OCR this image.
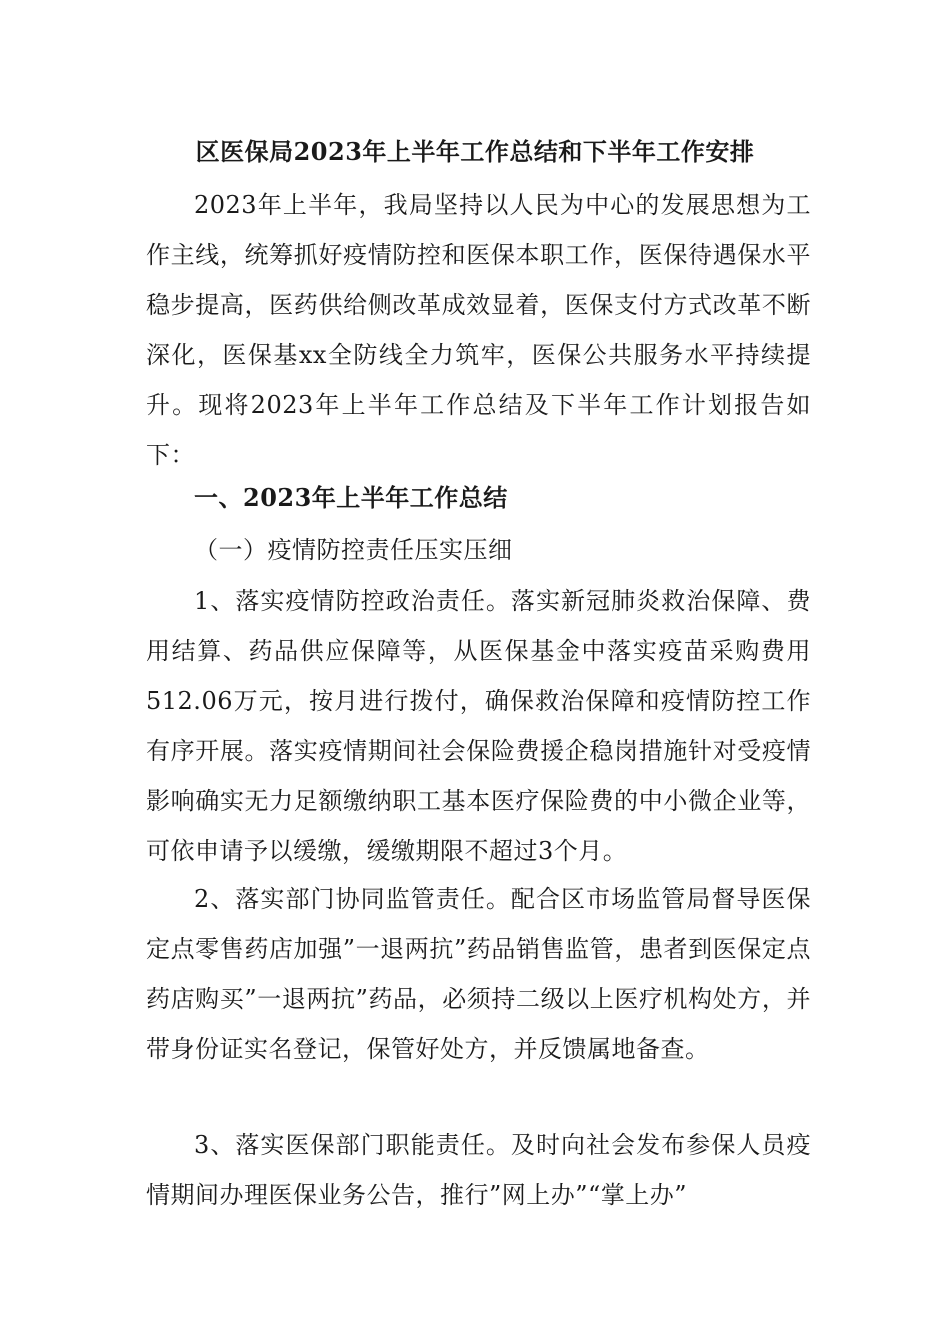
区医保局2023年上半年工作总结和下半年工作安排

2023年上半年，我局坚持以人民为中心的发展思想为工作主线，统筹抓好疫情防控和医保本职工作，医保待遇保水平稳步提高，医药供给侧改革成效显着，医保支付方式改革不断深化，医保基xx全防线全力筑牢，医保公共服务水平持续提升。现将2023年上半年工作总结及下半年工作计划报告如下：

一、2023年上半年工作总结
（一）疫情防控责任压实压细

1、落实疫情防控政治责任。落实新冠肺炎救治保障、费用结算、药品供应保障等，从医保基金中落实疫苗采购费用512.06万元，按月进行拨付，确保救治保障和疫情防控工作有序开展。落实疫情期间社会保险费援企稳岗措施针对受疫情影响确实无力足额缴纳职工基本医疗保险费的中小微企业等，可依申请予以缓缴，缓缴期限不超过3个月。

2、落实部门协同监管责任。配合区市场监管局督导医保定点零售药店加强”一退两抗”药品销售监管，患者到医保定点药店购买”一退两抗”药品，必须持二级以上医疗机构处方，并带身份证实名登记，保管好处方，并反馈属地备查。

3、落实医保部门职能责任。及时向社会发布参保人员疫情期间办理医保业务公告，推行”网上办”“掌上办”
